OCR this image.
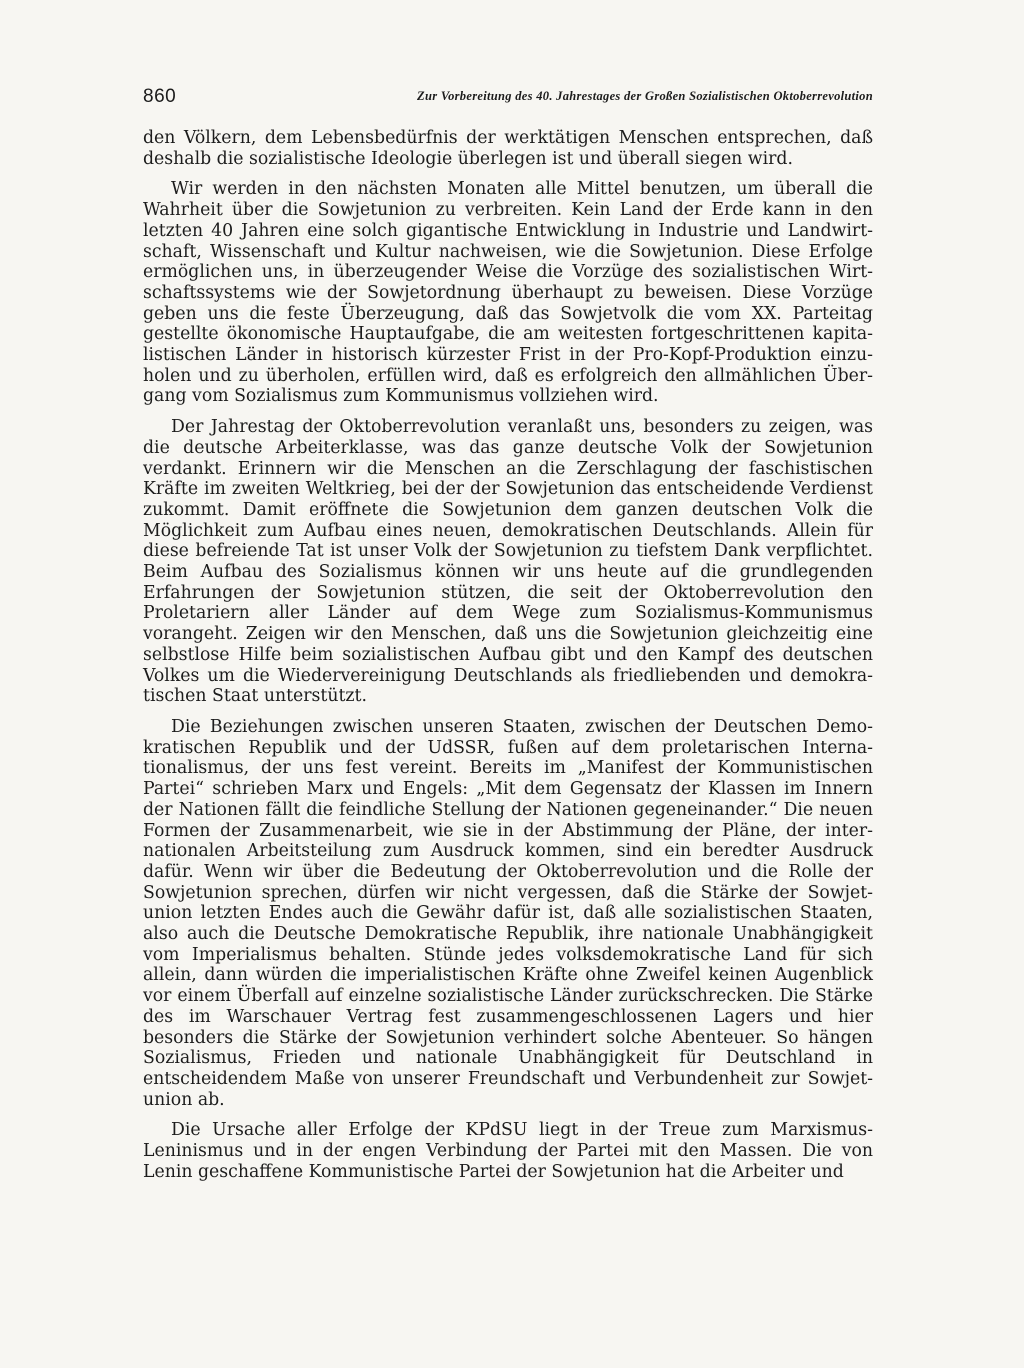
860	Zur Vorbereitung des 40. Jahrestages der Großen Sozialistischen Oktoberrevolution

den Völkern, dem Lebensbedürfnis der werktätigen Menschen entsprechen, daß deshalb die sozialistische Ideologie überlegen ist und überall siegen wird.

Wir werden in den nächsten Monaten alle Mittel benutzen, um überall die Wahrheit über die Sowjetunion zu verbreiten. Kein Land der Erde kann in den letzten 40 Jahren eine solch gigantische Entwicklung in Industrie und Landwirtschaft, Wissenschaft und Kultur nachweisen, wie die Sowjetunion. Diese Erfolge ermöglichen uns, in überzeugender Weise die Vorzüge des sozialistischen Wirtschaftssystems wie der Sowjetordnung überhaupt zu beweisen. Diese Vorzüge geben uns die feste Überzeugung, daß das Sowjetvolk die vom XX. Parteitag gestellte ökonomische Hauptaufgabe, die am weitesten fortgeschrittenen kapitalistischen Länder in historisch kürzester Frist in der Pro-Kopf-Produktion einzuholen und zu überholen, erfüllen wird, daß es erfolgreich den allmählichen Übergang vom Sozialismus zum Kommunismus vollziehen wird.

Der Jahrestag der Oktoberrevolution veranlaßt uns, besonders zu zeigen, was die deutsche Arbeiterklasse, was das ganze deutsche Volk der Sowjetunion verdankt. Erinnern wir die Menschen an die Zerschlagung der faschistischen Kräfte im zweiten Weltkrieg, bei der der Sowjetunion das entscheidende Verdienst zukommt. Damit eröffnete die Sowjetunion dem ganzen deutschen Volk die Möglichkeit zum Aufbau eines neuen, demokratischen Deutschlands. Allein für diese befreiende Tat ist unser Volk der Sowjetunion zu tiefstem Dank verpflichtet. Beim Aufbau des Sozialismus können wir uns heute auf die grundlegenden Erfahrungen der Sowjetunion stützen, die seit der Oktoberrevolution den Proletariern aller Länder auf dem Wege zum Sozialismus-Kommunismus vorangeht. Zeigen wir den Menschen, daß uns die Sowjetunion gleichzeitig eine selbstlose Hilfe beim sozialistischen Aufbau gibt und den Kampf des deutschen Volkes um die Wiedervereinigung Deutschlands als friedliebenden und demokratischen Staat unterstützt.

Die Beziehungen zwischen unseren Staaten, zwischen der Deutschen Demokratischen Republik und der UdSSR, fußen auf dem proletarischen Internationalismus, der uns fest vereint. Bereits im „Manifest der Kommunistischen Partei“ schrieben Marx und Engels: „Mit dem Gegensatz der Klassen im Innern der Nationen fällt die feindliche Stellung der Nationen gegeneinander.“ Die neuen Formen der Zusammenarbeit, wie sie in der Abstimmung der Pläne, der internationalen Arbeitsteilung zum Ausdruck kommen, sind ein beredter Ausdruck dafür. Wenn wir über die Bedeutung der Oktoberrevolution und die Rolle der Sowjetunion sprechen, dürfen wir nicht vergessen, daß die Stärke der Sowjetunion letzten Endes auch die Gewähr dafür ist, daß alle sozialistischen Staaten, also auch die Deutsche Demokratische Republik, ihre nationale Unabhängigkeit vom Imperialismus behalten. Stünde jedes volksdemokratische Land für sich allein, dann würden die imperialistischen Kräfte ohne Zweifel keinen Augenblick vor einem Überfall auf einzelne sozialistische Länder zurückschrecken. Die Stärke des im Warschauer Vertrag fest zusammengeschlossenen Lagers und hier besonders die Stärke der Sowjetunion verhindert solche Abenteuer. So hängen Sozialismus, Frieden und nationale Unabhängigkeit für Deutschland in entscheidendem Maße von unserer Freundschaft und Verbundenheit zur Sowjetunion ab.

Die Ursache aller Erfolge der KPdSU liegt in der Treue zum Marxismus-Leninismus und in der engen Verbindung der Partei mit den Massen. Die von Lenin geschaffene Kommunistische Partei der Sowjetunion hat die Arbeiter und
